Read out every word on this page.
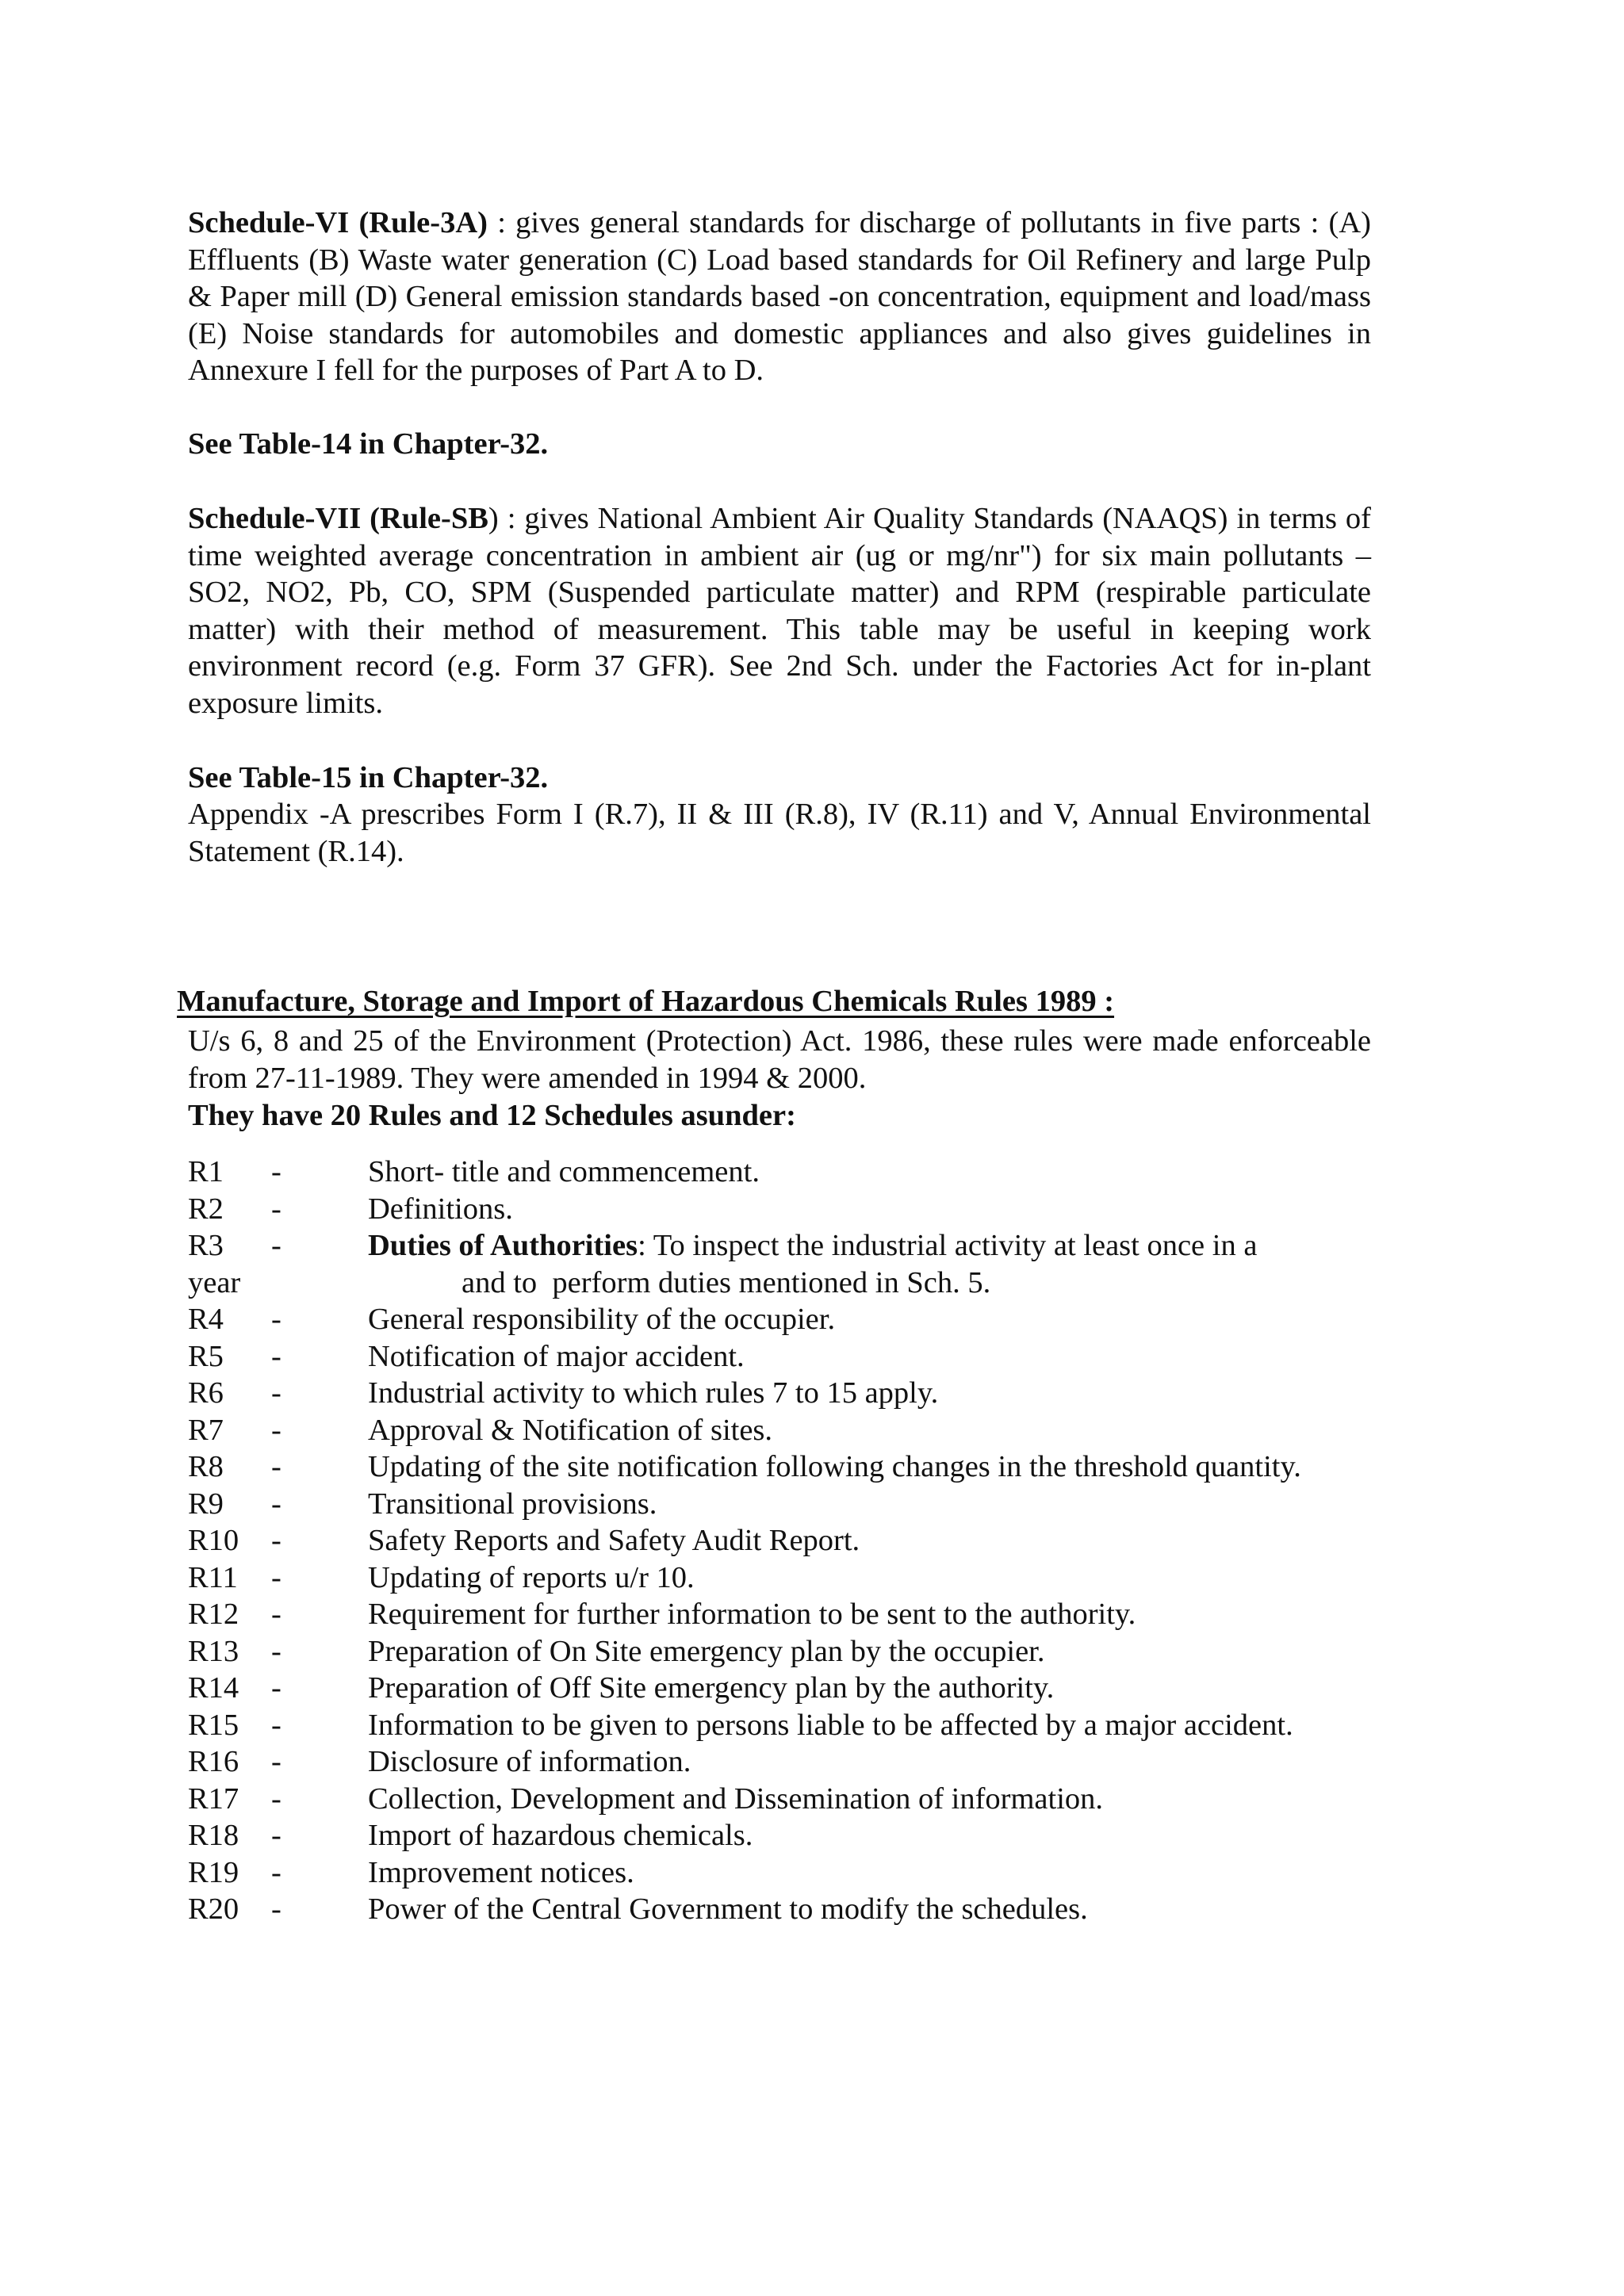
Schedule-VI (Rule-3A) : gives general standards for discharge of pollutants in five parts : (A) Effluents (B) Waste water generation (C) Load based standards for Oil Refinery and large Pulp & Paper mill (D) General emission standards based -on concentration, equipment and load/mass (E) Noise standards for automobiles and domestic appliances and also gives guidelines in Annexure I fell for the purposes of Part A to D.

See Table-14 in Chapter-32.

Schedule-VII (Rule-SB) : gives National Ambient Air Quality Standards (NAAQS) in terms of time weighted average concentration in ambient air (ug or mg/nr") for six main pollutants – SO2, NO2, Pb, CO, SPM (Suspended particulate matter) and RPM (respirable particulate matter) with their method of measurement. This table may be useful in keeping work environment record (e.g. Form 37 GFR). See 2nd Sch. under the Factories Act for in-plant exposure limits.

See Table-15 in Chapter-32.

Appendix -A prescribes Form I (R.7), II & III (R.8), IV (R.11) and V, Annual Environmental Statement (R.14).

Manufacture, Storage and Import of Hazardous Chemicals Rules 1989 :

U/s 6, 8 and 25 of the Environment (Protection) Act. 1986, these rules were made enforceable from 27-11-1989. They were amended in 1994 & 2000.

They have 20 Rules and 12 Schedules asunder:

R1	-	Short- title and commencement.
R2	-	Definitions.
R3	-	Duties of Authorities: To inspect the industrial activity at least once in a
year	and to  perform duties mentioned in Sch. 5.
R4	-	General responsibility of the occupier.
R5	-	Notification of major accident.
R6	-	Industrial activity to which rules 7 to 15 apply.
R7	-	Approval & Notification of sites.
R8	-	Updating of the site notification following changes in the threshold quantity.
R9	-	Transitional provisions.
R10	-	Safety Reports and Safety Audit Report.
R11	-	Updating of reports u/r 10.
R12	-	Requirement for further information to be sent to the authority.
R13	-	Preparation of On Site emergency plan by the occupier.
R14	-	Preparation of Off Site emergency plan by the authority.
R15	-	Information to be given to persons liable to be affected by a major accident.
R16	-	Disclosure of information.
R17	-	Collection, Development and Dissemination of information.
R18	-	Import of hazardous chemicals.
R19	-	Improvement notices.
R20	-	Power of the Central Government to modify the schedules.
